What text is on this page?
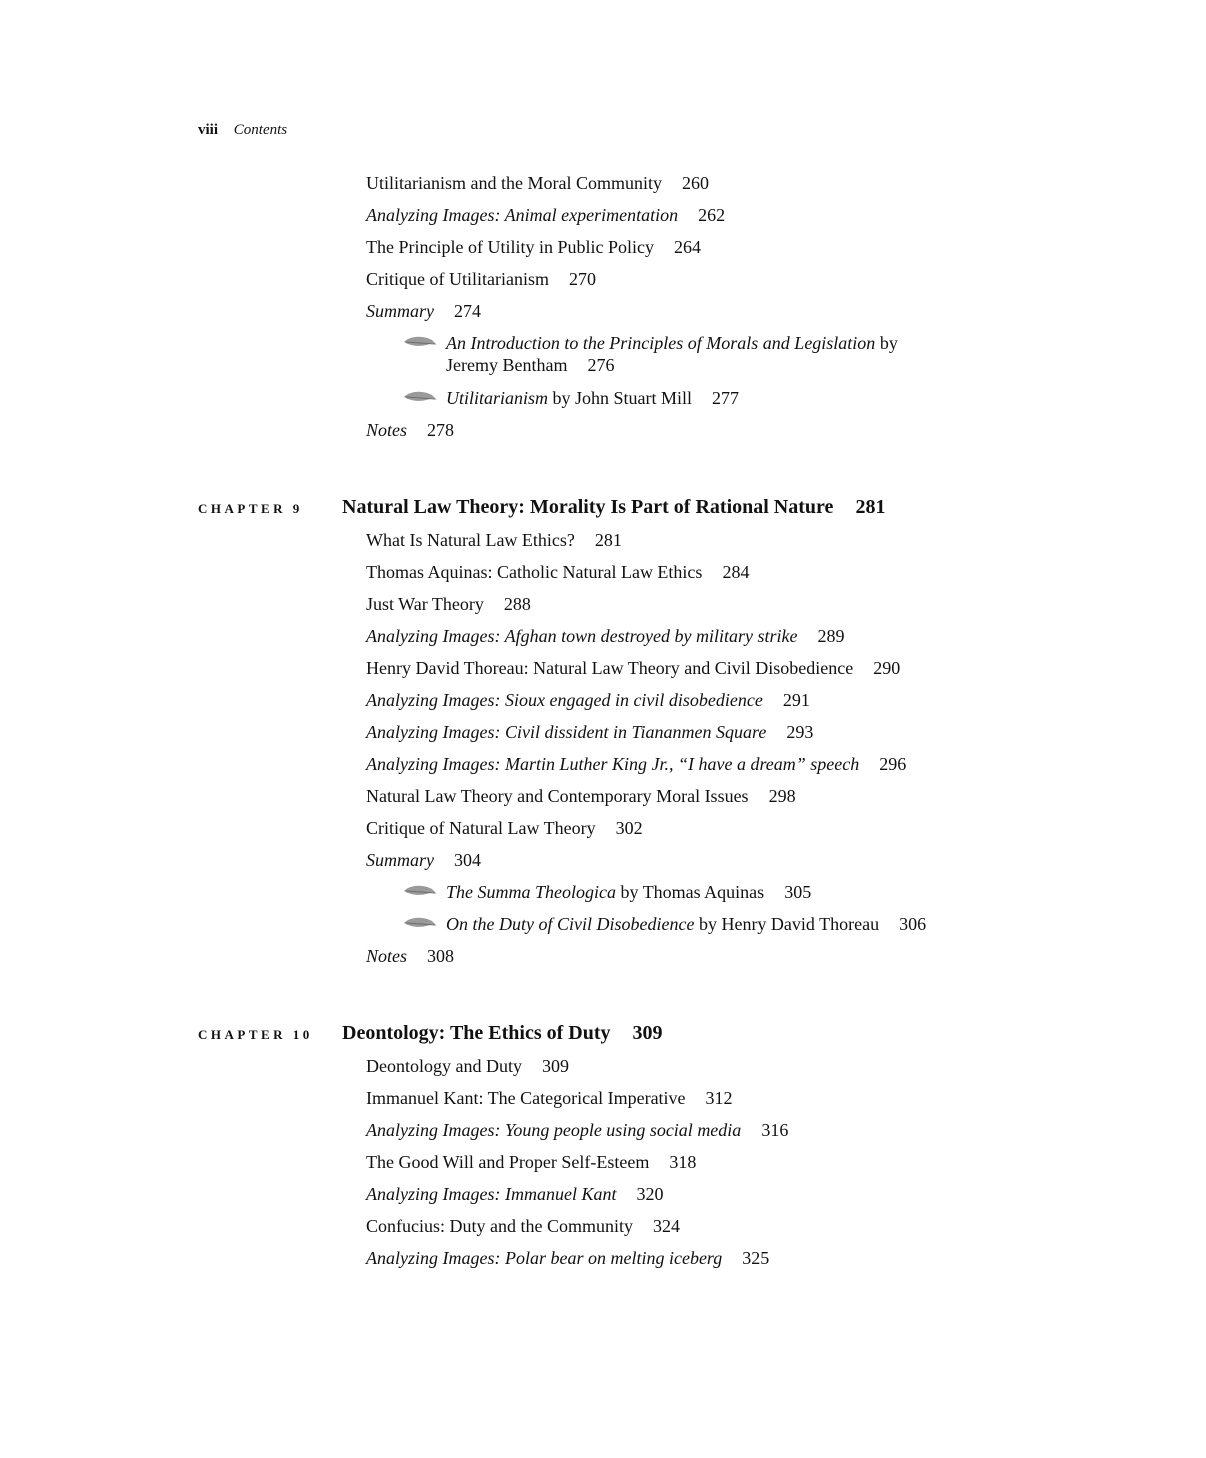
viii Contents
Utilitarianism and the Moral Community 260
Analyzing Images: Animal experimentation 262
The Principle of Utility in Public Policy 264
Critique of Utilitarianism 270
Summary 274
An Introduction to the Principles of Morals and Legislation by
Jeremy Bentham 276
Utilitarianism by John Stuart Mill 277
Notes 278
CHAPTER 9 Natural Law Theory: Morality Is Part of Rational Nature 281
What Is Natural Law Ethics? 281
Thomas Aquinas: Catholic Natural Law Ethics 284
Just War Theory 288
Analyzing Images: Afghan town destroyed by military strike 289
Henry David Thoreau: Natural Law Theory and Civil Disobedience 290
Analyzing Images: Sioux engaged in civil disobedience 291
Analyzing Images: Civil dissident in Tiananmen Square 293
Analyzing Images: Martin Luther King Jr., “I have a dream” speech 296
Natural Law Theory and Contemporary Moral Issues 298
Critique of Natural Law Theory 302
Summary 304
The Summa Theologica by Thomas Aquinas 305
On the Duty of Civil Disobedience by Henry David Thoreau 306
Notes 308
CHAPTER 10 Deontology: The Ethics of Duty 309
Deontology and Duty 309
Immanuel Kant: The Categorical Imperative 312
Analyzing Images: Young people using social media 316
The Good Will and Proper Self-Esteem 318
Analyzing Images: Immanuel Kant 320
Confucius: Duty and the Community 324
Analyzing Images: Polar bear on melting iceberg 325
